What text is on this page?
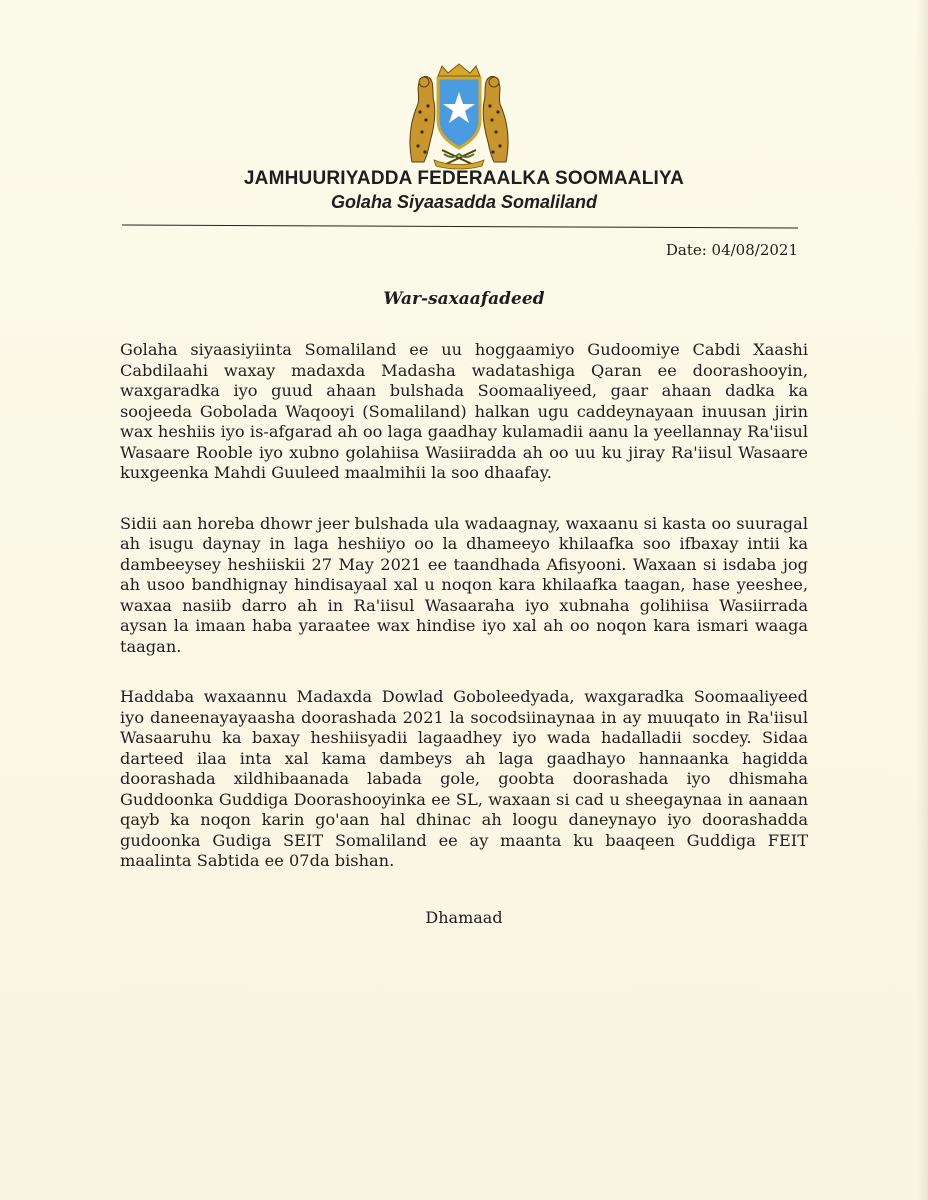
JAMHUURIYADDA FEDERAALKA SOOMAALIYA
Golaha Siyaasadda Somaliland
Date: 04/08/2021
War-saxaafadeed

Golaha siyaasiyiinta Somaliland ee uu hoggaamiyo Gudoomiye Cabdi Xaashi Cabdilaahi waxay madaxda Madasha wadatashiga Qaran ee doorashooyin, waxgaradka iyo guud ahaan bulshada Soomaaliyeed, gaar ahaan dadka ka soojeeda Gobolada Waqooyi (Somaliland) halkan ugu caddeynayaan inuusan jirin wax heshiis iyo is-afgarad ah oo laga gaadhay kulamadii aanu la yeellannay Ra'iisul Wasaare Rooble iyo xubno golahiisa Wasiiradda ah oo uu ku jiray Ra'iisul Wasaare kuxgeenka Mahdi Guuleed maalmihii la soo dhaafay.

Sidii aan horeba dhowr jeer bulshada ula wadaagnay, waxaanu si kasta oo suuragal ah isugu daynay in laga heshiiyo oo la dhameeyo khilaafka soo ifbaxay intii ka dambeeysey heshiiskii 27 May 2021 ee taandhada Afisyooni. Waxaan si isdaba jog ah usoo bandhignay hindisayaal xal u noqon kara khilaafka taagan, hase yeeshee, waxaa nasiib darro ah in Ra'iisul Wasaaraha iyo xubnaha golihiisa Wasiirrada aysan la imaan haba yaraatee wax hindise iyo xal ah oo noqon kara ismari waaga taagan.

Haddaba waxaannu Madaxda Dowlad Goboleedyada, waxgaradka Soomaaliyeed iyo daneenayayaasha doorashada 2021 la socodsiinaynaa in ay muuqato in Ra'iisul Wasaaruhu ka baxay heshiisyadii lagaadhey iyo wada hadalladii socdey. Sidaa darteed ilaa inta xal kama dambeys ah laga gaadhayo hannaanka hagidda doorashada xildhibaanada labada gole, goobta doorashada iyo dhismaha Guddoonka Guddiga Doorashooyinka ee SL, waxaan si cad u sheegaynaa in aanaan qayb ka noqon karin go'aan hal dhinac ah loogu daneynayo iyo doorashadda gudoonka Gudiga SEIT Somaliland ee ay maanta ku baaqeen Guddiga FEIT maalinta Sabtida ee 07da bishan.

Dhamaad
